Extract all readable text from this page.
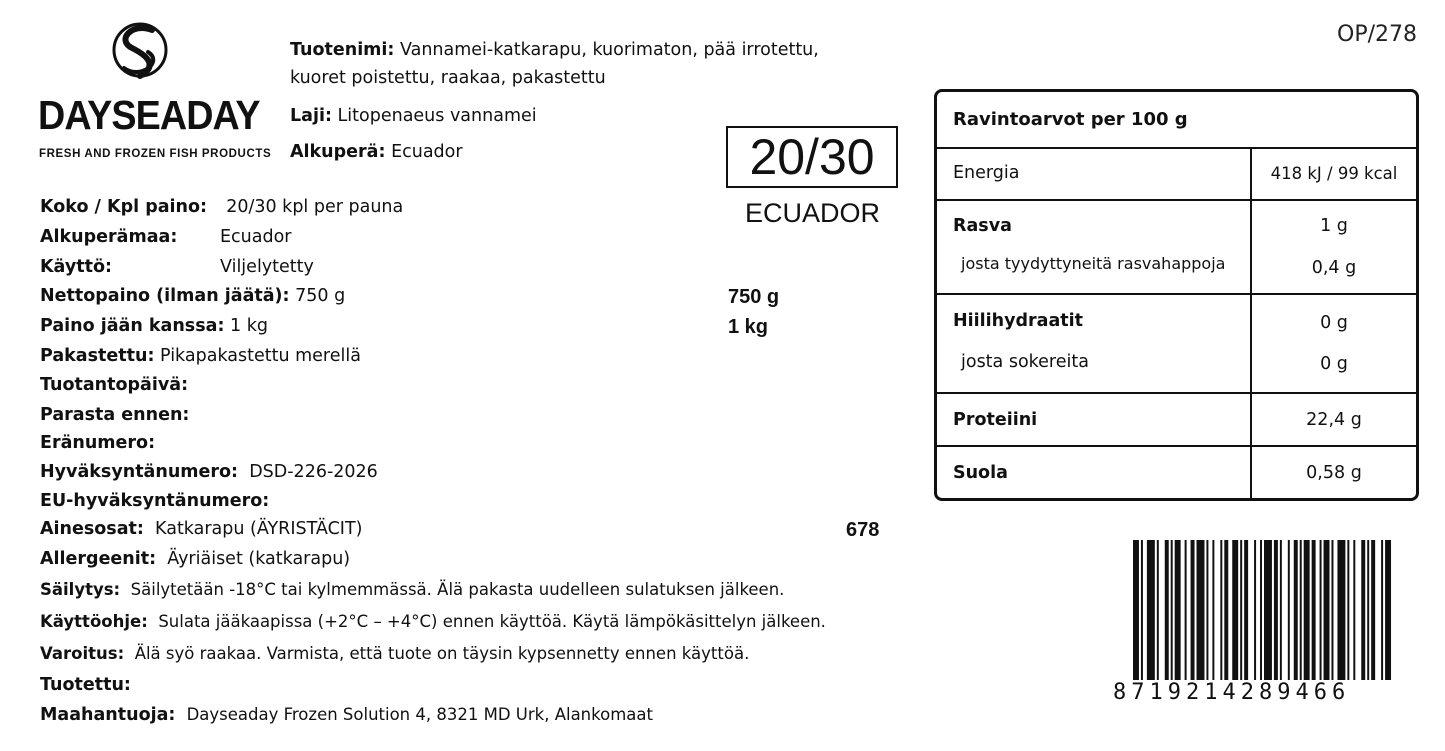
DAYSEADAY
FRESH AND FROZEN FISH PRODUCTS
OP/278
Tuotenimi: Vannamei-katkarapu, kuorimaton, pää irrotettu,
kuoret poistettu, raakaa, pakastettu
Laji: Litopenaeus vannamei
Alkuperä: Ecuador	20/30
ECUADOR
Koko / Kpl paino: 20/30 kpl per pauna
Alkuperämaa: Ecuador
Käyttö:	Viljelytetty
Nettopaino (ilman jäätä): 750 g
Paino jään kanssa: 1 kg
Pakastettu: Pikapakastettu merellä
Tuotantopäivä:
Parasta ennen:
Eränumero:
Hyväksyntänumero: DSD-226-2026
EU-hyväksyntänumero:
Ainesosat: Katkarapu (ÄYRISTÄCIT)
Allergeenit: Äyriäiset (katkarapu)
Säilytys: Säilytetään -18°C tai kylmemmässä. Älä pakasta uudelleen sulatuksen jälkeen.
Käyttöohje: Sulata jääkaapissa (+2°C – +4°C) ennen käyttöä. Käytä lämpökäsittelyn jälkeen.
Varoitus: Älä syö raakaa. Varmista, että tuote on täysin kypsennetty ennen käyttöä.
Tuotettu:
Maahantuoja: Dayseaday Frozen Solution 4, 8321 MD Urk, Alankomaat
750 g
1 kg
678
Ravintoarvot per 100 g
Energia	418 kJ / 99 kcal
Rasva	1 g
josta tyydyttyneitä rasvahappoja	0,4 g
Hiilihydraatit	0 g
josta sokereita	0 g
Proteiini	22,4 g
Suola	0,58 g
8719214289466
